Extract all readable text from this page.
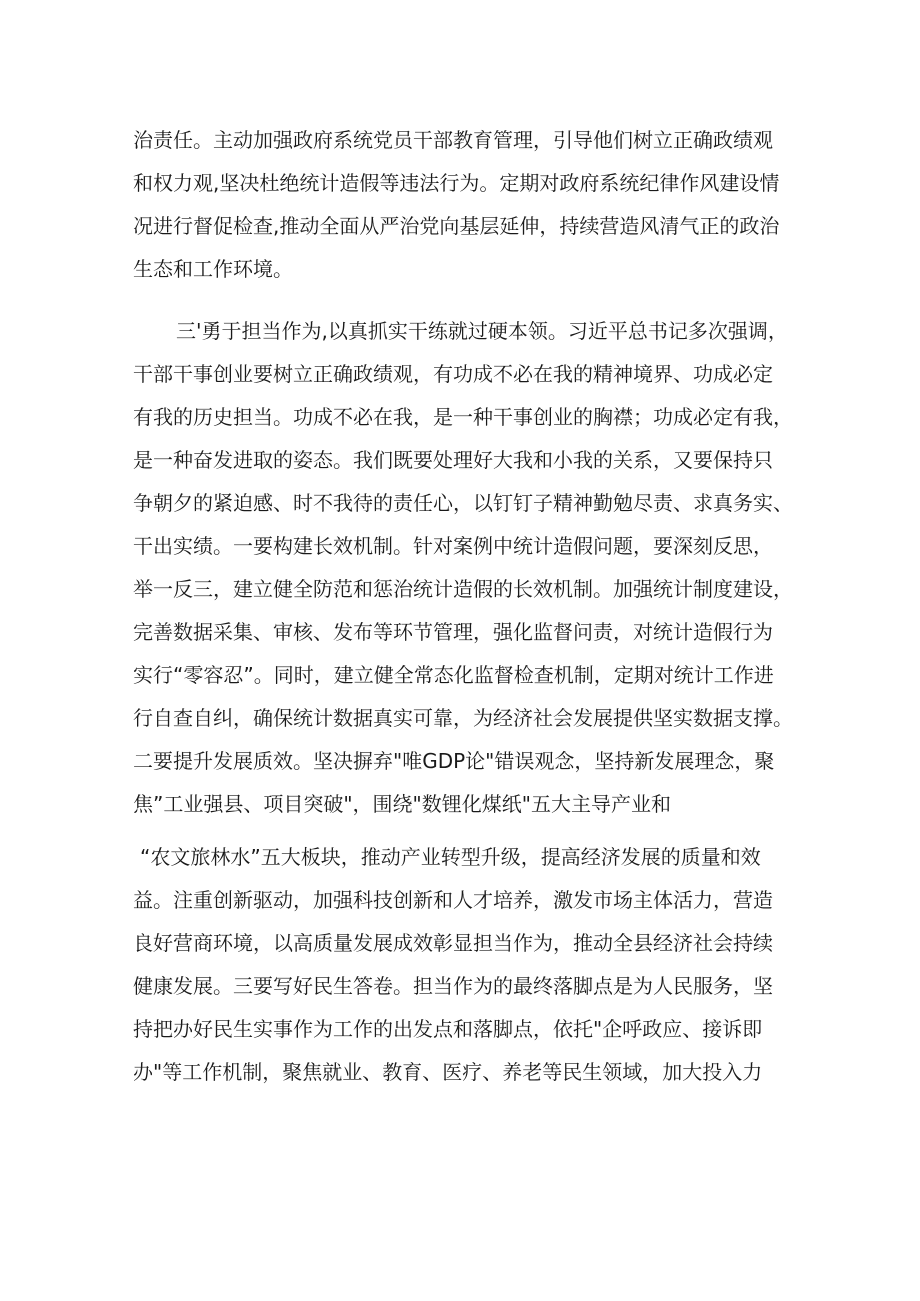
治责任。主动加强政府系统党员干部教育管理，引导他们树立正确政绩观
和权力观,坚决杜绝统计造假等违法行为。定期对政府系统纪律作风建设情
况进行督促检查,推动全面从严治党向基层延伸，持续营造风清气正的政治
生态和工作环境。
三'勇于担当作为,以真抓实干练就过硬本领。习近平总书记多次强调，
干部干事创业要树立正确政绩观，有功成不必在我的精神境界、功成必定
有我的历史担当。功成不必在我，是一种干事创业的胸襟；功成必定有我，
是一种奋发进取的姿态。我们既要处理好大我和小我的关系，又要保持只
争朝夕的紧迫感、时不我待的责任心，以钉钉子精神勤勉尽责、求真务实、
干出实绩。一要构建长效机制。针对案例中统计造假问题，要深刻反思，
举一反三，建立健全防范和惩治统计造假的长效机制。加强统计制度建设，
完善数据采集、审核、发布等环节管理，强化监督问责，对统计造假行为
实行“零容忍”。同时，建立健全常态化监督检查机制，定期对统计工作进
行自查自纠，确保统计数据真实可靠，为经济社会发展提供坚实数据支撑。
二要提升发展质效。坚决摒弃"唯GDP论"错误观念，坚持新发展理念，聚
焦”工业强县、项目突破"，围绕"数锂化煤纸"五大主导产业和
“农文旅林水”五大板块，推动产业转型升级，提高经济发展的质量和效
益。注重创新驱动，加强科技创新和人才培养，激发市场主体活力，营造
良好营商环境，以高质量发展成效彰显担当作为，推动全县经济社会持续
健康发展。三要写好民生答卷。担当作为的最终落脚点是为人民服务，坚
持把办好民生实事作为工作的出发点和落脚点，依托"企呼政应、接诉即
办"等工作机制，聚焦就业、教育、医疗、养老等民生领域，加大投入力
